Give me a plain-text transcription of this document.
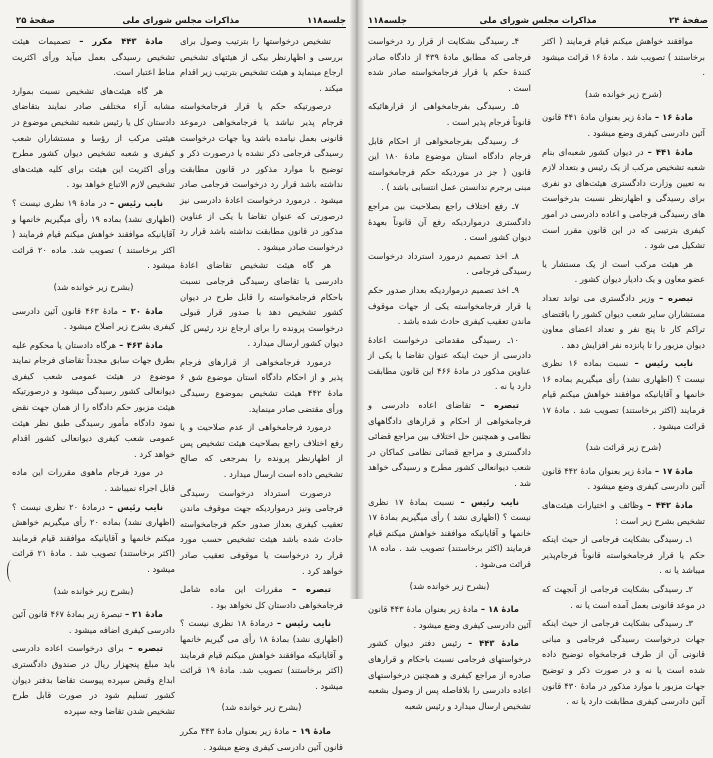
صفحهٔ ۲۵	مذاکرات مجلس شورای ملی	جلسه۱۱۸

تشخیص درخواستها را بترتیب وصول برای بررسی و اظهارنظر بیکی از هیئتهای تشخیص ارجاع مینماید و هیئت تشخیص بترتیب زیر اقدام میکند .

درصورتیکه حکم یا قرار فرجامخواسته فرجام پذیر نباشد یا فرجامخواهی درموعد قانونی بعمل نیامده باشد ویا جهات درخواست رسیدگی فرجامی ذکر نشده یا درصورت ذکر و توضیح با موارد مذکور در قانون مطابقت نداشته باشد قرار رد درخواست فرجامی صادر میشود . درمورد درخواست اعادهٔ دادرسی نیز درصورتی که عنوان تقاضا با یکی از عناوین مذکور در قانون مطابقت نداشته باشد قرار رد درخواست صادر میشود .

هر گاه هیئت تشخیص تقاضای اعادهٔ دادرسی یا تقاضای رسیدگی فرجامی نسبت باحکام فرجامخواسته را قابل طرح در دیوان کشور تشخیص دهد با صدور قرار قبولی درخواست پرونده را برای ارجاع نزد رئیس کل دیوان کشور ارسال میدارد .

درمورد فرجامخواهی از قرارهای فرجام پذیر و از احکام دادگاه استان موضوع شق ۶ مادهٔ ۴۴۲ هیئت تشخیص بموضوع رسیدگی ورأی مقتضی صادر مینماید.

درمورد فرجامخواهی از عدم صلاحیت و یا رفع اختلاف راجع بصلاحیت هیئت تشخیص پس از اظهارنظر پرونده را بمرجعی که صالح تشخیص داده است ارسال میدارد .

درصورت استرداد درخواست رسیدگی فرجامی ونیز درمواردیکه جهت موقوف ماندن تعقیب کیفری بعداز صدور حکم فرجامخواسته حادث شده باشد هیئت تشخیص حسب مورد قرار رد درخواست یا موقوفی تعقیب صادر خواهد کرد .

تبصره – مقررات این ماده شامل فرجامخواهی دادستان کل نخواهد بود .

نایب رئیس – درمادهٔ ۱۸ نظری نیست ؟ (اظهاری نشد) بمادهٔ ۱۸ رأی می گیریم خانمها و آقایانیکه موافقند خواهش میکنم قیام فرمایند (اکثر برخاستند) تصویب شد. مادهٔ ۱۹ قرائت میشود .

(بشرح زیر خوانده شد)

مادهٔ ۱۹ – مادهٔ زیر بعنوان مادهٔ ۴۴۳ مکرر قانون آئین دادرسی کیفری وضع میشود .

مادهٔ ۴۴۳ مکرر – تصمیمات هیئت تشخیص رسیدگی بعمل میآید ورأی اکثریت مناط اعتبار است.

هر گاه هیئت‌های تشخیص نسبت بموارد مشابه آراء مختلفی صادر نمایند بتقاضای دادستان کل یا رئیس شعبه تشخیص موضوع در هیئتی مرکب از رؤسا و مستشاران شعب کیفری و شعبه تشخیص دیوان کشور مطرح ورأی اکثریت این هیئت برای کلیه هیئت‌های تشخیص لازم الاتباع خواهد بود .

نایب رئیس – در مادهٔ ۱۹ نظری نیست ؟ (اظهاری نشد) بماده ۱۹ رأی میگیریم خانمها و آقایانیکه موافقند خواهش میکنم قیام فرمایند ( اکثر برخاستند ) تصویب شد. ماده ۲۰ قرائت میشود .

(بشرح زیر خوانده شد)

مادهٔ ۲۰ – مادهٔ ۴۶۳ قانون آئین دادرسی کیفری بشرح زیر اصلاح میشود .

مادهٔ ۴۶۳ – هرگاه دادستان یا محکوم علیه بطرق جهات سابق مجدداً تقاضای فرجام نمایند موضوع در هیئت عمومی شعب کیفری دیوانعالی کشور رسیدگی میشود و درصورتیکه هیئت مزبور حکم دادگاه را از همان جهت نقض نمود دادگاه مأمور رسیدگی طبق نظر هیئت عمومی شعب کیفری دیوانعالی کشور اقدام خواهد کرد .

در مورد فرجام ماهوی مقررات این ماده قابل اجراء نمیباشد .

نایب رئیس – درمادهٔ ۲۰ نظری نیست ؟ (اظهاری نشد) بماده ۲۰ رأی میگیریم خواهش میکنم خانمها و آقایانیکه موافقند قیام فرمایند (اکثر برخاستند) تصویب شد . مادهٔ ۲۱ قرائت میشود .

(بشرح زیر خوانده شد)

مادهٔ ۲۱ – تبصرهٔ زیر بمادهٔ ۴۶۷ قانون آئین دادرسی کیفری اضافه میشود .

تبصره – برای درخواست اعاده دادرسی باید مبلغ پنجهزار ریال در صندوق دادگستری ابداع وقبض سپرده پیوست تقاضا بدفتر دیوان کشور تسلیم شود در صورت قابل طرح تشخیص شدن تقاضا وجه سپرده

جلسه۱۱۸	مذاکرات مجلس شورای ملی	صفحهٔ ۲۴

موافقند خواهش میکنم قیام فرمایند ( اکثر برخاستند ) تصویب شد . مادهٔ ۱۶ قرائت میشود .

(شرح زیر خوانده شد)

مادهٔ ۱۶ – مادهٔ زیر بعنوان مادهٔ ۴۴۱ قانون آئین دادرسی کیفری وضع میشود .

مادهٔ ۴۴۱ – در دیوان کشور شعبه‌ای بنام شعبه تشخیص مرکب از یک رئیس و بتعداد لازم به تعیین وزارت دادگستری هیئت‌های دو نفری برای رسیدگی و اظهارنظر نسبت بدرخواست های رسیدگی فرجامی و اعاده دادرسی در امور کیفری بترتیبی که در این قانون مقرر است تشکیل می شود .

هر هیئت مرکب است از یک مستشار یا عضو معاون و یک دادیار دیوان کشور .

تبصره – وزیر دادگستری می تواند تعداد مستشاران سایر شعب دیوان کشور را باقتضای تراکم کار تا پنج نفر و تعداد اعضای معاون دیوان مزبور را تا پانزده نفر افزایش دهد .

نایب رئیس – نسبت بماده ۱۶ نظری نیست ؟ (اظهاری نشد) رأی میگیریم بماده ۱۶ خانمها و آقایانیکه موافقند خواهش میکنم قیام فرمایند (اکثر برخاستند) تصویب شد . مادهٔ ۱۷ قرائت میشود .

(شرح زیر قرائت شد)

مادهٔ ۱۷ – مادهٔ زیر بعنوان مادهٔ ۴۴۲ قانون آئین دادرسی کیفری وضع میشود .

مادهٔ ۴۴۲ – وظائف و اختیارات هیئت‌های تشخیص بشرح زیر است :

۱ـ رسیدگی بشکایت فرجامی از حیث اینکه حکم یا قرار فرجامخواسته قانوناً فرجام‌پذیر میباشد یا نه .

۲ـ رسیدگی بشکایت فرجامی از آنجهت که در موعد قانونی بعمل آمده است یا نه .

۳ـ رسیدگی بشکایت فرجامی از حیث اینکه جهات درخواست رسیدگی فرجامی و مبانی قانونی آن از طرف فرجامخواه توضیح داده شده است یا نه و در صورت ذکر و توضیح جهات مزبور با موارد مذکور در مادهٔ ۴۳۰ قانون آئین دادرسی کیفری مطابقت دارد یا نه .

۴ـ رسیدگی بشکایت از قرار رد درخواست فرجامی که مطابق مادهٔ ۴۳۹ از دادگاه صادر کنندهٔ حکم یا قرار فرجامخواسته صادر شده است .

۵ـ رسیدگی بفرجامخواهی از قرارهائیکه قانوناً فرجام پذیر است .

۶ـ رسیدگی بفرجامخواهی از احکام قابل فرجام دادگاه استان موضوع مادهٔ ۱۸۰ این قانون ( جز در موردیکه حکم فرجامخواسته مبنی برجرم ندانستن عمل انتسابی باشد ) .

۷ـ رفع اختلاف راجع بصلاحیت بین مراجع دادگستری درمواردیکه رفع آن قانوناً بعهدهٔ دیوان کشور است .

۸ـ اخذ تصمیم درمورد استرداد درخواست رسیدگی فرجامی .

۹ـ اخذ تصمیم درمواردیکه بعداز صدور حکم یا قرار فرجامخواسته یکی از جهات موقوف ماندن تعقیب کیفری حادث شده باشد .

۱۰ـ رسیدگی مقدماتی درخواست اعادهٔ دادرسی از حیث اینکه عنوان تقاضا با یکی از عناوین مذکور در مادهٔ ۴۶۶ این قانون مطابقت دارد یا نه .

تبصره – تقاضای اعاده دادرسی و فرجامخواهی از احکام و قرارهای دادگاههای نظامی و همچنین حل اختلاف بین مراجع قضائی دادگستری و مراجع قضائی نظامی کماکان در شعب دیوانعالی کشور مطرح و رسیدگی خواهد شد .

نایب رئیس – نسبت بمادهٔ ۱۷ نظری نیست ؟ (اظهاری نشد ) رأی میگیریم بمادهٔ ۱۷ خانمها و آقایانیکه موافقند خواهش میکنم قیام فرمایند (اکثر برخاستند) تصویب شد . ماده ۱۸ قرائت می‌شود .

(بشرح زیر خوانده شد)

مادهٔ ۱۸ – مادهٔ زیر بعنوان مادهٔ ۴۴۳ قانون آئین دادرسی کیفری وضع میشود .

مادهٔ ۴۴۳ – رئیس دفتر دیوان کشور درخواستهای فرجامی نسبت باحکام و قرارهای صادره از مراجع کیفری و همچنین درخواستهای اعاده دادرسی را بلافاصله پس از وصول بشعبه تشخیص ارسال میدارد و رئیس شعبه
